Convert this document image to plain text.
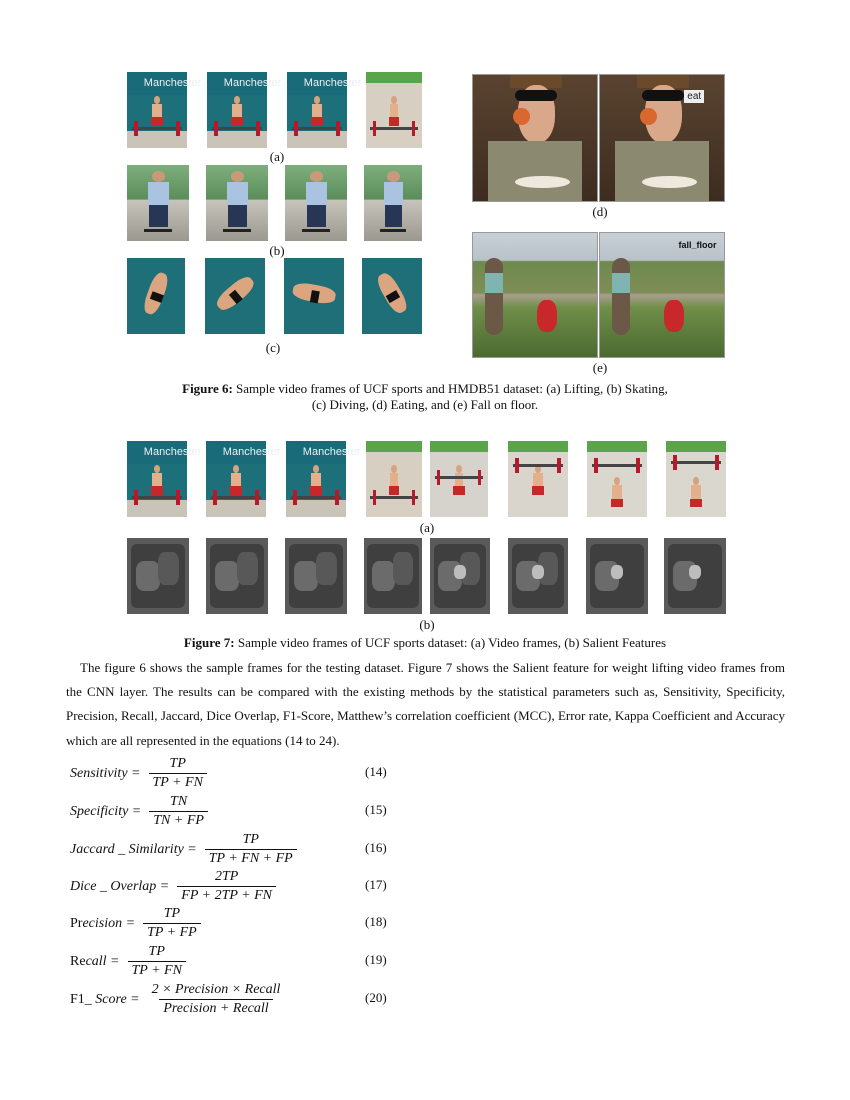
Manchester Manchester Manchester
(a)
(b)
(c)
eat
(d)
fall_floor
(e)
Figure 6: Sample video frames of UCF sports and HMDB51 dataset: (a) Lifting, (b) Skating,
(c) Diving, (d) Eating, and (e) Fall on floor.
Manchester Manchester Manchester
(a)
(b)
Figure 7: Sample video frames of UCF sports dataset: (a) Video frames, (b) Salient Features
The figure 6 shows the sample frames for the testing dataset. Figure 7 shows the Salient feature for weight lifting video frames from the CNN layer. The results can be compared with the existing methods by the statistical parameters such as, Sensitivity, Specificity, Precision, Recall, Jaccard, Dice Overlap, F1-Score, Matthew’s correlation coefficient (MCC), Error rate, Kappa Coefficient and Accuracy which are all represented in the equations (14 to 24).
Sensitivity = $\frac{TP}{TP + FN}$	(14)
Specificity = $\frac{TN}{TN + FP}$	(15)
Jaccard _ Similarity = $\frac{TP}{TP + FN + FP}$	(16)
Dice _ Overlap = $\frac{2TP}{FP + 2TP + FN}$	(17)
Precision = $\frac{TP}{TP + FP}$	(18)
Recall = $\frac{TP}{TP + FN}$	(19)
F1_ Score = $\frac{\text{2 × Precision × Recall}}{\text{Precision + Recall}}$	(20)
